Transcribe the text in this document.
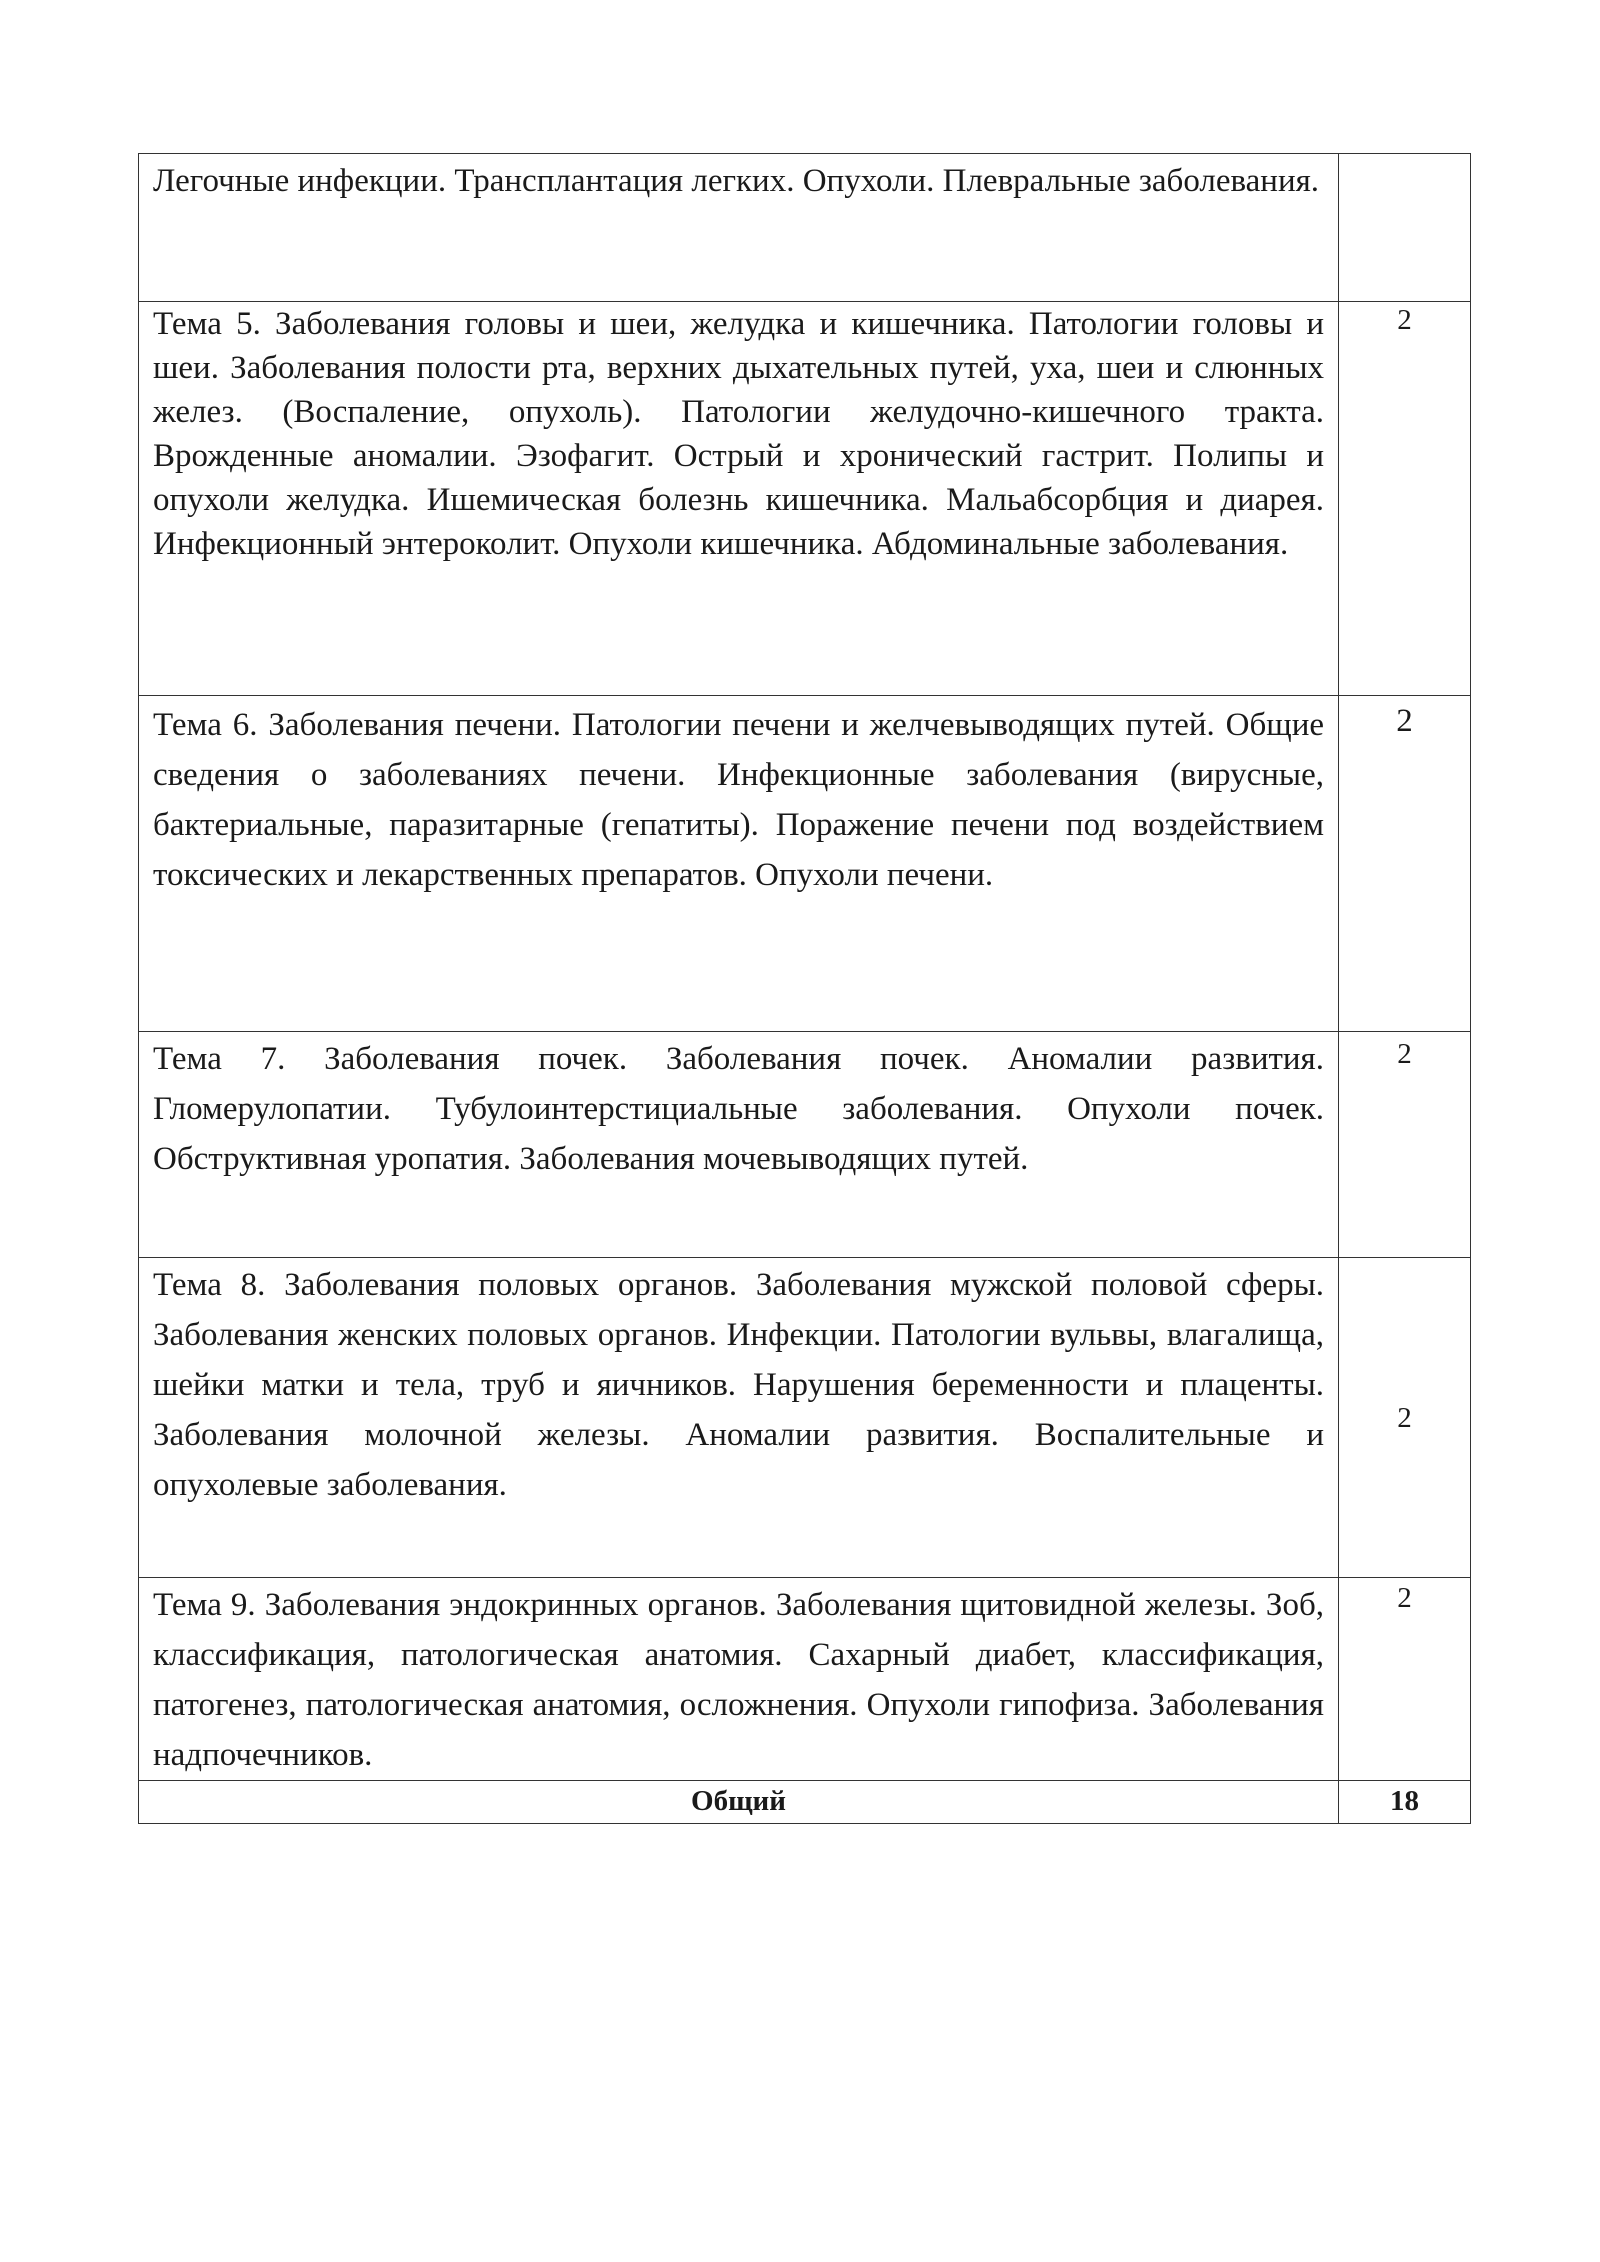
Легочные инфекции. Трансплантация легких. Опухоли. Плевральные заболевания.	

Тема 5. Заболевания головы и шеи, желудка и кишечника. Патологии головы и шеи. Заболевания полости рта, верхних дыхательных путей, уха, шеи и слюнных желез. (Воспаление, опухоль). Патологии желудочно-кишечного тракта. Врожденные аномалии. Эзофагит. Острый и хронический гастрит. Полипы и опухоли желудка. Ишемическая болезнь кишечника. Мальабсорбция и диарея. Инфекционный энтероколит. Опухоли кишечника. Абдоминальные заболевания.	2

Тема 6. Заболевания печени. Патологии печени и желчевыводящих путей. Общие сведения о заболеваниях печени. Инфекционные заболевания (вирусные, бактериальные, паразитарные (гепатиты). Поражение печени под воздействием токсических и лекарственных препаратов. Опухоли печени.	2

Тема 7. Заболевания почек. Заболевания почек. Аномалии развития. Гломерулопатии. Тубулоинтерстициальные заболевания. Опухоли почек. Обструктивная уропатия. Заболевания мочевыводящих путей.	2

Тема 8. Заболевания половых органов. Заболевания мужской половой сферы. Заболевания женских половых органов. Инфекции. Патологии вульвы, влагалища, шейки матки и тела, труб и яичников. Нарушения беременности и плаценты. Заболевания молочной железы. Аномалии развития. Воспалительные и опухолевые заболевания.	2

Тема 9. Заболевания эндокринных органов. Заболевания щитовидной железы. Зоб, классификация, патологическая анатомия. Сахарный диабет, классификация, патогенез, патологическая анатомия, осложнения. Опухоли гипофиза. Заболевания надпочечников.	2
Общий	18
